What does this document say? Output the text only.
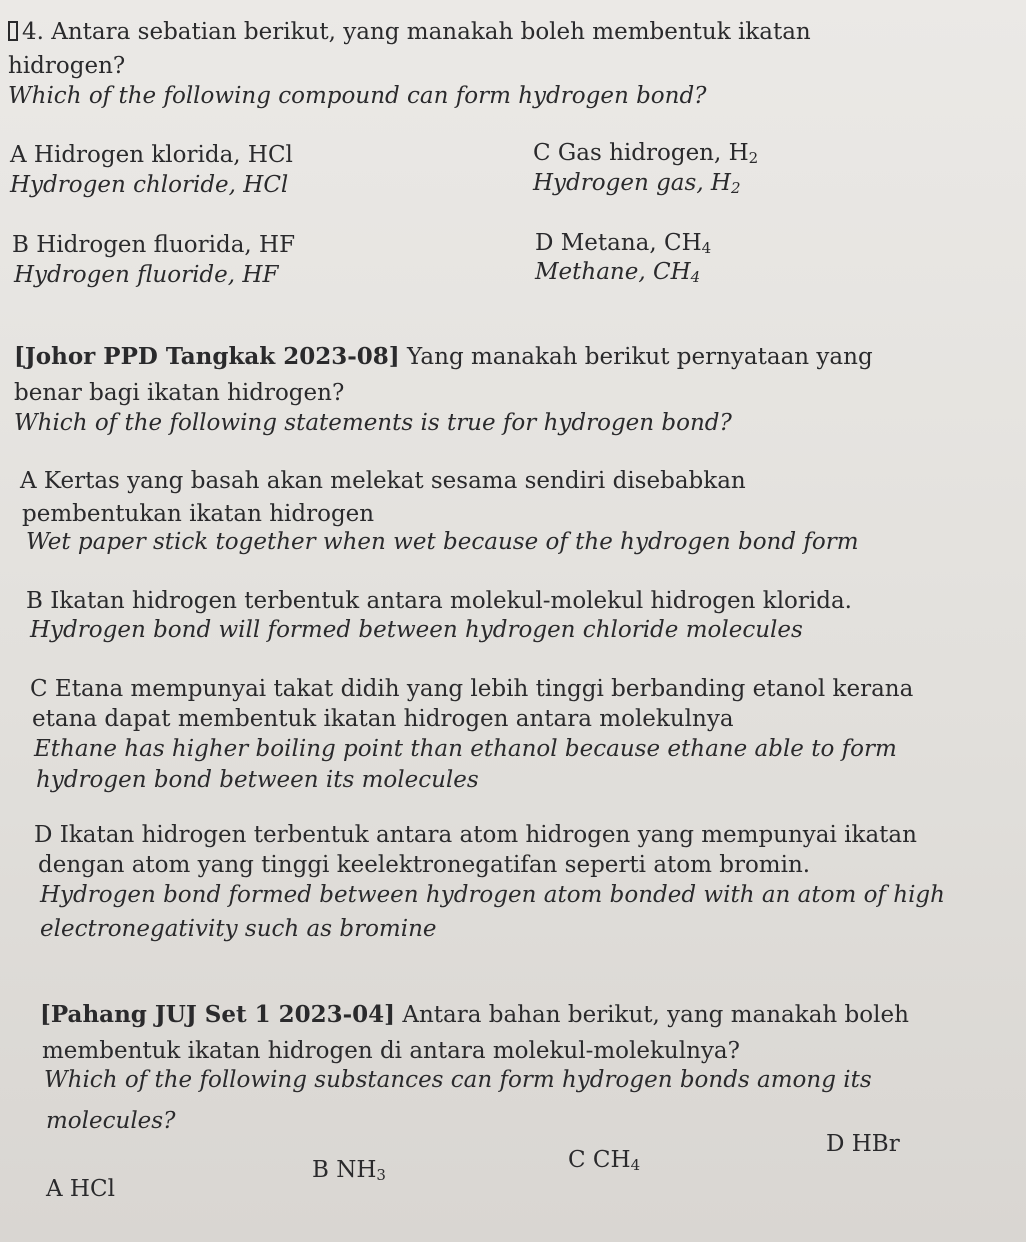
4. Antara sebatian berikut, yang manakah boleh membentuk ikatan
hidrogen?
Which of the following compound can form hydrogen bond?
A Hidrogen klorida, HCl
Hydrogen chloride, HCl
C Gas hidrogen, $H_2$
Hydrogen gas, $H_2$
B Hidrogen fluorida, HF
Hydrogen fluoride, HF
D Metana, $CH_4$
Methane, $CH_4$
[Johor PPD Tangkak 2023-08] Yang manakah berikut pernyataan yang
benar bagi ikatan hidrogen?
Which of the following statements is true for hydrogen bond?
A Kertas yang basah akan melekat sesama sendiri disebabkan
pembentukan ikatan hidrogen
Wet paper stick together when wet because of the hydrogen bond form
B Ikatan hidrogen terbentuk antara molekul-molekul hidrogen klorida.
Hydrogen bond will formed between hydrogen chloride molecules
C Etana mempunyai takat didih yang lebih tinggi berbanding etanol kerana
etana dapat membentuk ikatan hidrogen antara molekulnya
Ethane has higher boiling point than ethanol because ethane able to form
hydrogen bond between its molecules
D Ikatan hidrogen terbentuk antara atom hidrogen yang mempunyai ikatan
dengan atom yang tinggi keelektronegatifan seperti atom bromin.
Hydrogen bond formed between hydrogen atom bonded with an atom of high
electronegativity such as bromine
[Pahang JUJ Set 1 2023-04] Antara bahan berikut, yang manakah boleh
membentuk ikatan hidrogen di antara molekul-molekulnya?
Which of the following substances can form hydrogen bonds among its
molecules?
A HCl
B $NH_3$
C $CH_4$
D HBr
